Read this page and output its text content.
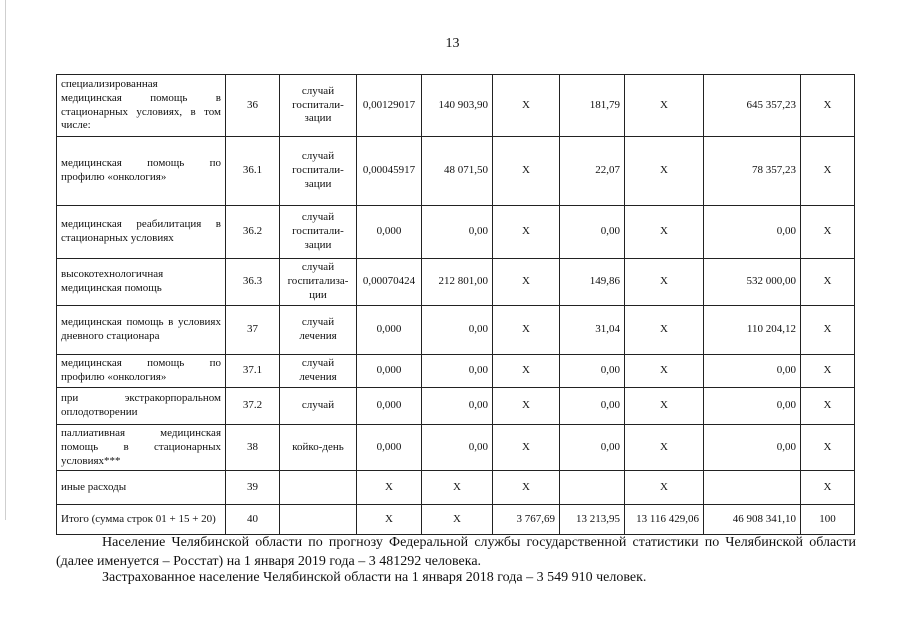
13
специализированная медицинская помощь в стационарных условиях, в том числе:	36	случай госпитали-зации	0,00129017	140 903,90	X	181,79	X	645 357,23	X
медицинская помощь по профилю «онкология»	36.1	случай госпитали-зации	0,00045917	48 071,50	X	22,07	X	78 357,23	X
медицинская реабилитация в стационарных условиях	36.2	случай госпитали-зации	0,000	0,00	X	0,00	X	0,00	X
высокотехнологичная медицинская помощь	36.3	случай госпитализа-ции	0,00070424	212 801,00	X	149,86	X	532 000,00	X
медицинская помощь в условиях дневного стационара	37	случай лечения	0,000	0,00	X	31,04	X	110 204,12	X
медицинская помощь по профилю «онкология»	37.1	случай лечения	0,000	0,00	X	0,00	X	0,00	X
при экстракорпоральном оплодотворении	37.2	случай	0,000	0,00	X	0,00	X	0,00	X
паллиативная медицинская помощь в стационарных условиях***	38	койко-день	0,000	0,00	X	0,00	X	0,00	X
иные расходы	39		X	X	X		X		X
Итого (сумма строк 01 + 15 + 20)	40		X	X	3 767,69	13 213,95	13 116 429,06	46 908 341,10	100
Население Челябинской области по прогнозу Федеральной службы государственной статистики по Челябинской области (далее именуется – Росстат) на 1 января 2019 года – 3 481292 человека.
Застрахованное население Челябинской области на 1 января 2018 года – 3 549 910 человек.
